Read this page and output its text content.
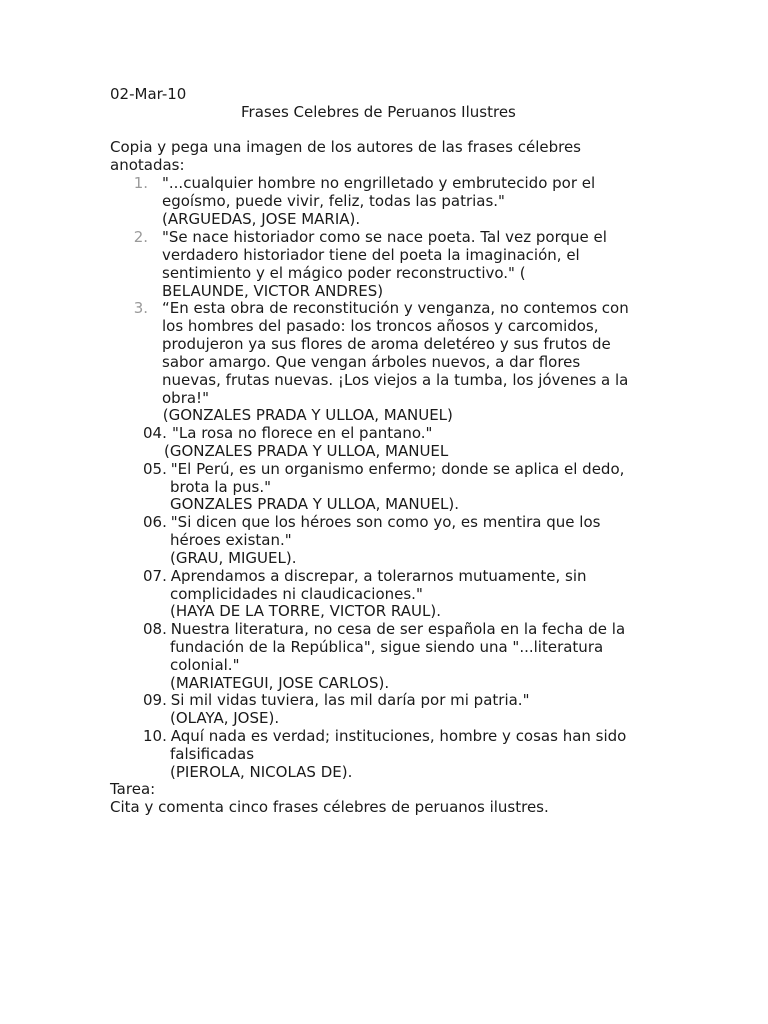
02-Mar-10
Frases Celebres de Peruanos Ilustres
Copia y pega una imagen de los autores de las frases célebres
anotadas:
1. "...cualquier hombre no engrilletado y embrutecido por el
egoísmo, puede vivir, feliz, todas las patrias."
(ARGUEDAS, JOSE MARIA).
2. "Se nace historiador como se nace poeta. Tal vez porque el
verdadero historiador tiene del poeta la imaginación, el
sentimiento y el mágico poder reconstructivo." (
BELAUNDE, VICTOR ANDRES)
3. “En esta obra de reconstitución y venganza, no contemos con
los hombres del pasado: los troncos añosos y carcomidos,
produjeron ya sus flores de aroma deletéreo y sus frutos de
sabor amargo. Que vengan árboles nuevos, a dar flores
nuevas, frutas nuevas. ¡Los viejos a la tumba, los jóvenes a la
obra!"
(GONZALES PRADA Y ULLOA, MANUEL)
04. "La rosa no florece en el pantano."
(GONZALES PRADA Y ULLOA, MANUEL
05. "El Perú, es un organismo enfermo; donde se aplica el dedo,
brota la pus."
GONZALES PRADA Y ULLOA, MANUEL).
06. "Si dicen que los héroes son como yo, es mentira que los
héroes existan."
(GRAU, MIGUEL).
07. Aprendamos a discrepar, a tolerarnos mutuamente, sin
complicidades ni claudicaciones."
(HAYA DE LA TORRE, VICTOR RAUL).
08. Nuestra literatura, no cesa de ser española en la fecha de la
fundación de la República", sigue siendo una "...literatura
colonial."
(MARIATEGUI, JOSE CARLOS).
09. Si mil vidas tuviera, las mil daría por mi patria."
(OLAYA, JOSE).
10. Aquí nada es verdad; instituciones, hombre y cosas han sido
falsificadas
(PIEROLA, NICOLAS DE).
Tarea:
Cita y comenta cinco frases célebres de peruanos ilustres.
